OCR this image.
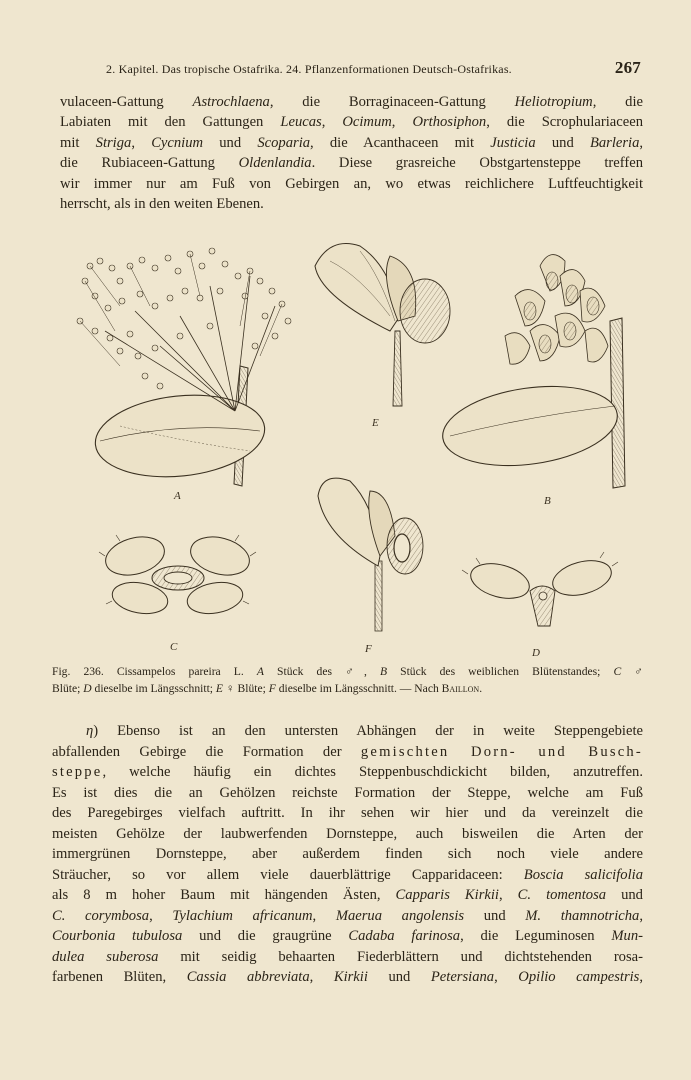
2. Kapitel. Das tropische Ostafrika. 24. Pflanzenformationen Deutsch-Ostafrikas.	267
vulaceen-Gattung Astrochlaena, die Borraginaceen-Gattung Heliotropium, die
Labiaten mit den Gattungen Leucas, Ocimum, Orthosiphon, die Scrophulariaceen
mit Striga, Cycnium und Scoparia, die Acanthaceen mit Justicia und Barleria,
die Rubiaceen-Gattung Oldenlandia. Diese grasreiche Obstgartensteppe treffen
wir immer nur am Fuß von Gebirgen an, wo etwas reichlichere Luftfeuchtigkeit
herrscht, als in den weiten Ebenen.
A
E
B
C	F	D
Fig. 236. Cissampelos pareira L. A Stück des ♂, B Stück des weiblichen Blütenstandes; C ♂
Blüte; D dieselbe im Längsschnitt; E ♀ Blüte; F dieselbe im Längsschnitt. — Nach Baillon.
η) Ebenso ist an den untersten Abhängen der in weite Steppengebiete
abfallenden Gebirge die Formation der gemischten Dorn- und Busch-
steppe, welche häufig ein dichtes Steppenbuschdickicht bilden, anzutreffen.
Es ist dies die an Gehölzen reichste Formation der Steppe, welche am Fuß
des Paregebirges vielfach auftritt. In ihr sehen wir hier und da vereinzelt die
meisten Gehölze der laubwerfenden Dornsteppe, auch bisweilen die Arten der
immergrünen Dornsteppe, aber außerdem finden sich noch viele andere
Sträucher, so vor allem viele dauerblättrige Capparidaceen: Boscia salicifolia
als 8 m hoher Baum mit hängenden Ästen, Capparis Kirkii, C. tomentosa und
C. corymbosa, Tylachium africanum, Maerua angolensis und M. thamnotricha,
Courbonia tubulosa und die graugrüne Cadaba farinosa, die Leguminosen Mun-
dulea suberosa mit seidig behaarten Fiederblättern und dichtstehenden rosa-
farbenen Blüten, Cassia abbreviata, Kirkii und Petersiana, Opilio campestris,
